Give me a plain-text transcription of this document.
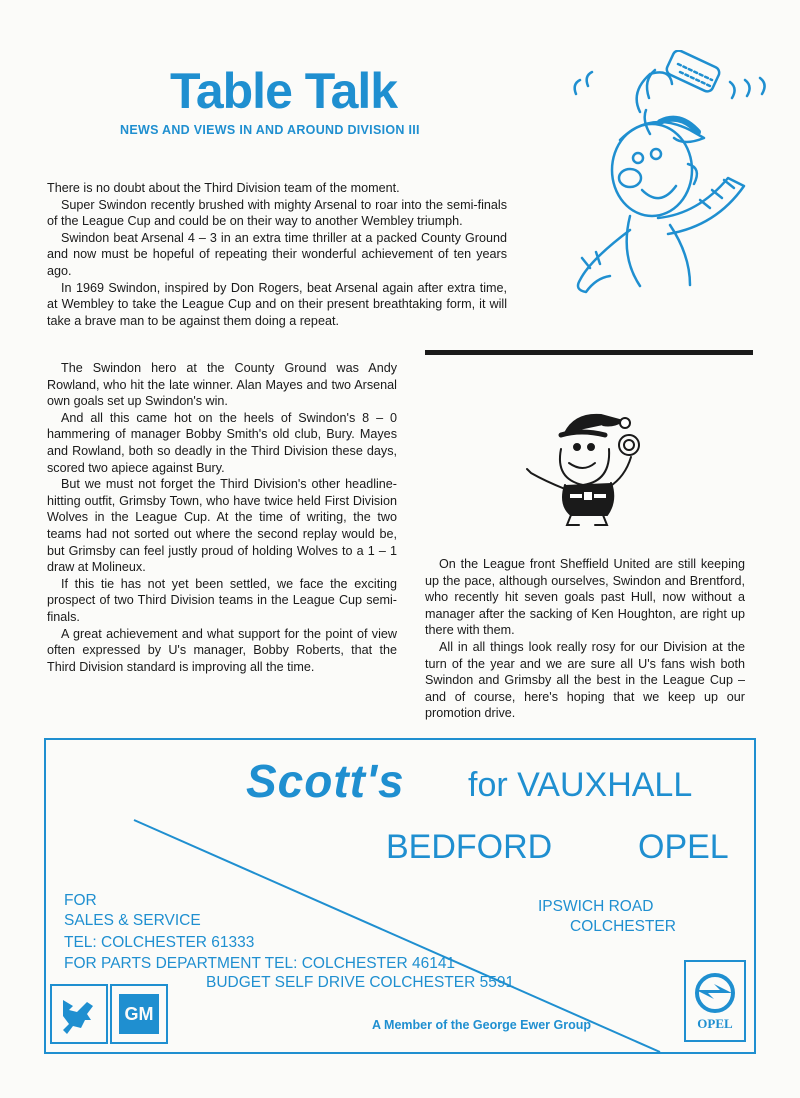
Table Talk
NEWS AND VIEWS IN AND AROUND DIVISION III

There is no doubt about the Third Division team of the moment.

Super Swindon recently brushed with mighty Arsenal to roar into the semi-finals of the League Cup and could be on their way to another Wembley triumph.

Swindon beat Arsenal 4 – 3 in an extra time thriller at a packed County Ground and now must be hopeful of repeating their wonderful achievement of ten years ago.

In 1969 Swindon, inspired by Don Rogers, beat Arsenal again after extra time, at Wembley to take the League Cup and on their present breathtaking form, it will take a brave man to be against them doing a repeat.

The Swindon hero at the County Ground was Andy Rowland, who hit the late winner. Alan Mayes and two Arsenal own goals set up Swindon's win.

And all this came hot on the heels of Swindon's 8 – 0 hammering of manager Bobby Smith's old club, Bury. Mayes and Rowland, both so deadly in the Third Division these days, scored two apiece against Bury.

But we must not forget the Third Division's other headline-hitting outfit, Grimsby Town, who have twice held First Division Wolves in the League Cup. At the time of writing, the two teams had not sorted out where the second replay would be, but Grimsby can feel justly proud of holding Wolves to a 1 – 1 draw at Molineux.

If this tie has not yet been settled, we face the exciting prospect of two Third Division teams in the League Cup semi-finals.

A great achievement and what support for the point of view often expressed by U's manager, Bobby Roberts, that the Third Division standard is improving all the time.

On the League front Sheffield United are still keeping up the pace, although ourselves, Swindon and Brentford, who recently hit seven goals past Hull, now without a manager after the sacking of Ken Houghton, are right up there with them.

All in all things look really rosy for our Division at the turn of the year and we are sure all U's fans wish both Swindon and Grimsby all the best in the League Cup – and of course, here's hoping that we keep up our promotion drive.

Scott's for VAUXHALL
BEDFORD	OPEL
FOR
SALES & SERVICE
TEL: COLCHESTER 61333
FOR PARTS DEPARTMENT TEL: COLCHESTER 46141
BUDGET SELF DRIVE COLCHESTER 5591
IPSWICH ROAD
COLCHESTER
GM
A Member of the George Ewer Group	OPEL
